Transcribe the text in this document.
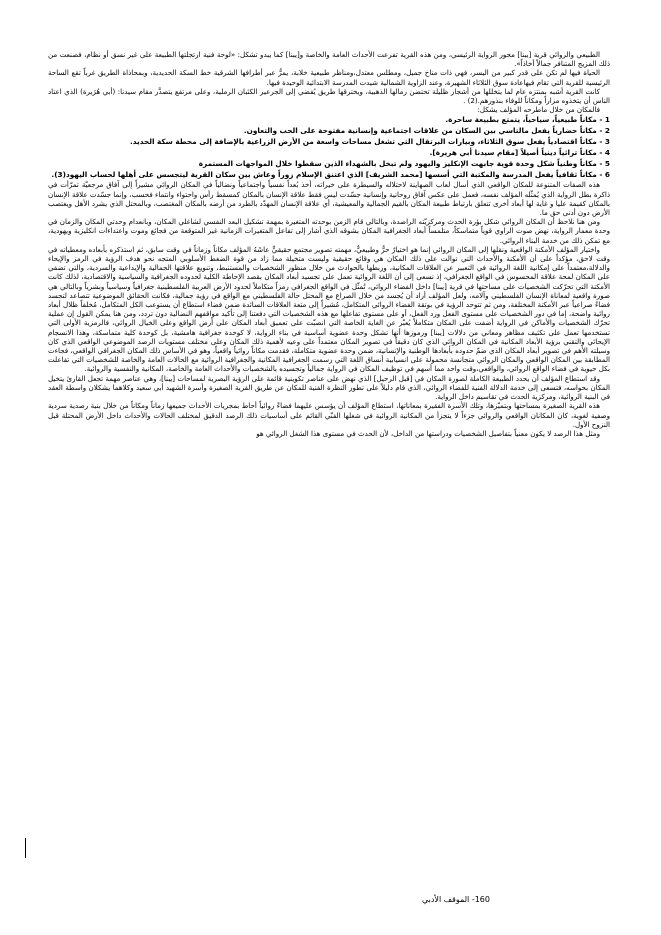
الطبيعي والروائي قرية [يبنا] محور الرواية الرئيسي، ومن هذه القرية تفرعت الأحداث العامة والخاصة و[يبنا] كما يبدو تشكل: «لوحة فنية ارتجلتها الطبيعة على غير نسق أو نظام، فصنعت من ذلك المزيج المتنافر جمالاً أخاذاً».

الحياة فيها لم تكن على قدر كبير من اليسر، فهي ذات مناخ جميل، ومطلس معتدل،ومناظر طبيعية خلابة، يمرُّ عبر أطرافها الشرقية خط السكة الحديدية، وبمحاذاة الطريق غرباً تقع الساحة الرئيسية للقرية التي تقام فيهاعادة سوق الثلاثاء الشهيرة، وعند الزاوية الشمالية شيدت المدرسة الابتدائية الوحيدة فيها.

كانت القرية أشبه بمنتزه عام لما يتخللها من أشجار ظليلة تحتضن رمالها الذهبية، ويخترقها طريق يُفضي إلى الجرعير الكثبان الرملية، وعلى مرتفع يتصدَّر مقام سيدنا: (أبي هُرَيرة) الذي اعتاد الناس أن يتخذوه مزاراً ومكاناً للوفاء بنذورهم.(2) .

فالمكان من خلال ماطرحه المؤلف يشكل:

1 - مكاناً طبيعياً، سياحياً، يتمتع بطبيعة ساحرة.

2 - مكاناً حضارياً يفعل مالتاسي بين السكان من علاقات اجتماعية وإنسانية مفتوحة على الحب والتعاون.

3 - مكاناً اقتصادياً يفعل سوق الثلاثاء، وبيارات البرتقال التي تشغل مساحات واسعة من الأرض الزراعية بالإضافة إلى محطة سكة الحديد.

4 - مكاناً تراثياً دينياً أصيلاً [مقام سيدنا أبي هريرة].

5 - مكاناً وطنياً شكل وحدة قوية جابهت الإنكليز واليهود ولم تبخل بالشهداء الذين سقطوا خلال المواجهات المستمرة

6 - مكاناً ثقافياً يفعل المدرسة والمكتبة التي أسسها [محمد الشريف] الذي اعتنق الإسلام زوراً وعاش بين سكان القرية ليتجسس على أهلها لحساب اليهود(3).

هذه الصفات المتنوعة للمكان الواقعي الذي أسال لعاب الصهاينة لاحتلاله والسيطرة على خيراته، أخذ بُعداً نفسياً واجتماعياً ونضالياً في المكان الروائي مشيراً إلى آفاق مرجعيّة تمرّأت في ذاكرة بطل الرواية الذي يُمثّله المؤلف نفسه، فعمل على عكس آفاق روحانية وإنسانية جسّدت ليس فقط علاقة الإنسان بالمكان كمسقط رأس واحتواء وانتماء فحسب، وإنما جسّدت علاقة الإنسان بالمكان كقيمة عليا و غاية لها أبعاد أخرى تتعلق بارتباط طبيعة المكان بالقيم الجمالية والمعيشية، أي علاقة الإنسان المهدّد بالطرد من أرضه بالمكان المغتصب، وبالمحتل الذي يشرد الأهل ويغتصب الأرض دون أدنى حق ما.

ومن هنا نلاحظ أن المكان الروائي شكل بؤرة الحدث ومركزيّته الراصدة، وبالتالي قام الزمن بوحدته المتغيرة بمهمة تشكيل البعد النفسي لشاغلي المكان، وبانعدام وحدتي المكان والزمان في وحدة معمار الرواية، نهض صوت الراوي قوياً متماسكاً، متلمساً أبعاد الجغرافية المكان بشوقه الذي أشار إلى تفاعل المتغيرات الزمانية غير المتوقعة من فجائع وموت واعتداءات انكليزية ويهودية، مع تمكن ذلك من خدمة البناء الروائي.

واختيار المؤلف الأمكنة الواقعية ونقلها إلى المكان الروائي إنما هو اختيارٌ حرٌّ وطبيعيٌّ، مهمته تصوير مجتمع حقيقيٍّ عاشَهُ المؤلف مكاناً وزماناً في وقت سابق، ثم استذكره بأبعاده ومعطياته في وقت لاحق، مؤكداً على أن الأمكنة والأحداث التي توالت على ذلك المكان هي وقائع حقيقية وليست متخيلة مما زاد من قوة الضغط الأسلوبي المتجه نحو هدف الرؤية في الرمز والإيحاء والدلالة،معتمداً على إمكانية اللغة الروائية في التعبير عن العلاقات المكانية، وربطها بالحوادث من خلال منظور الشخصيات والمستنبط، وتنويع علاقتها الجمالية والإبداعية والسردية، والتي تضفي على المكان لمحة علاقة المحسوس في الواقع الجغرافي، إذ تسعى إلى أن اللغة الروائية تعمل على تجسيد أبعاد المكان بقصد الإحاطة الكلية لحدوده الجغرافية والسياسية والاقتصادية، لذلك كانت الأمكنة التي تحرّكت الشخصيات على مساحتها في قرية [يبنا] داخل الفضاء الروائي، تُمثّل في الواقع الجغرافي رمزاً متكاملاً لحدود الأرض العربية الفلسطينية جغرافياً وسياسياً وبشرياً وبالتالي هي صورة واقعية لمعاناة الإنسان الفلسطيني وآلامه، ولعل المؤلف أراد أن يُجسد من خلال الصراع مع المحتل حالة الفلسطيني مع الواقع في رؤية جمالية، فكانت الحقائق الموضوعية تتصاعد لتجسد فضاءً صراعياً عبر الأمكنة المختلفة، ومن ثم تتوحد الرؤية في بوتقة الفضاء الروائي المتكامل، مُشيراً إلى متعة العلاقات السائدة ضمن فضاء استطاع أن يستوعب الكل المتكامل، مُخلفاً ظلال أبعاد روائية واضحة، إما في دور الشخصيات على مستوى الفعل ورد الفعل، أو على مستوى تفاعلها مع هذه الشخصيات التي دفعتنا إلى تأكيد مواقفهم النضالية دون تردد، ومن هنا يمكن القول إن عملية تحرّك الشخصيات والأماكن في الرواية أضفت على المكان متكاملاً يُعبّر عن الغاية الخاصة التي انصبّت على تعميق أبعاد المكان على أرض الواقع وعلى الخيال الروائي، فالرمزية الأولى التي تستخدمها تعمل على تكثيف مظاهر ومعاني من دلالات [يبنا] ورموزها أنها تشكل وحدة عضوية أساسية في بناء الرواية، لا كوحدة جغرافية هامشية، بل كوحدة كلية متماسكة، وهذا الانسجام الإيحائي والتقني برؤية الأبعاد المكانية في المكان الروائي الذي كان دقيقاً في تصوير المكان معتمداً على وعيه لأهمية ذلك المكان وعلى مختلف مستويات الرصد الموضوعي الواقعي الذي كان وسيلته الأهم في تصوير أبعاد المكان الذي ضمّ حدوده بأبعادها الوطنية والإنسانية، ضمن وحدة عضوية متكاملة، فقدمت مكاناً روائياً واقعياً، وهو في الأساس ذلك المكان الجغرافي الواقعي، فجاءت المطابقة بين المكان الواقعي والمكان الروائي متجانسة محمولة على انسيابية أنساق اللغة التي رسمت الجغرافية المكانية والجغرافية الروائية مع الحالات العامة والخاصة للشخصيات التي تفاعلت بكل حيوية في فضاء الواقع الروائي، والواقعي،وقت واحد مما أسهم في توظيف المكان في الرواية جمالياً وتجسيده بالشخصيات والأحداث العامة والخاصة، المكانية والنفسية والروائية.

وقد استطاع المؤلف أن يحدد الطبيعة الكاملة لصورة المكان في [قبل الرحيل] الذي نهض على عناصر تكوينية قائمة على الرؤية البصرية لمساحات [يبنا]، وهي عناصر مهمة تجعل القارئ يتخيل المكان بحواسه، فتسعى إلى خدمة الدلالة الفنية للفضاء الروائي، الذي قام دليلاً على تطور النظرة الفنية للمكان عن طريق القرية الصغيرة وأسرة الشهيد أبي سعيد وكلاهما يشكلان واسطة العقد في البنية الروائية، ومركزية الحدث في تقاسيم داخل الرواية.

هذه القرية الصغيرة بمساحتها وبتميّزها، وتلك الأسرة الفقيرة بمعاناتها، استطاع المؤلف أن يؤسس عليهما فضاءً روائياً أحاط بمجريات الأحداث جميعها زماناً ومكاناً من خلال بنية رصدية سردية وصفية لغوية، كان المكانان الواقعي والروائي جزءاً لا يتجزأ من المكانية الروائية في شغلها الفنّي القائم على أساسيات ذلك الرصد الدقيق لمختلف الحالات والأحداث داخل الأرض المحتلة قبل النزوح الأول.

ومثل هذا الرصد لا يكون معنياً بتفاصيل الشخصيات ودراستها من الداخل، لأن الحدث في مستوى هذا الشغل الروائي هو

160- الموقف الأدبي
